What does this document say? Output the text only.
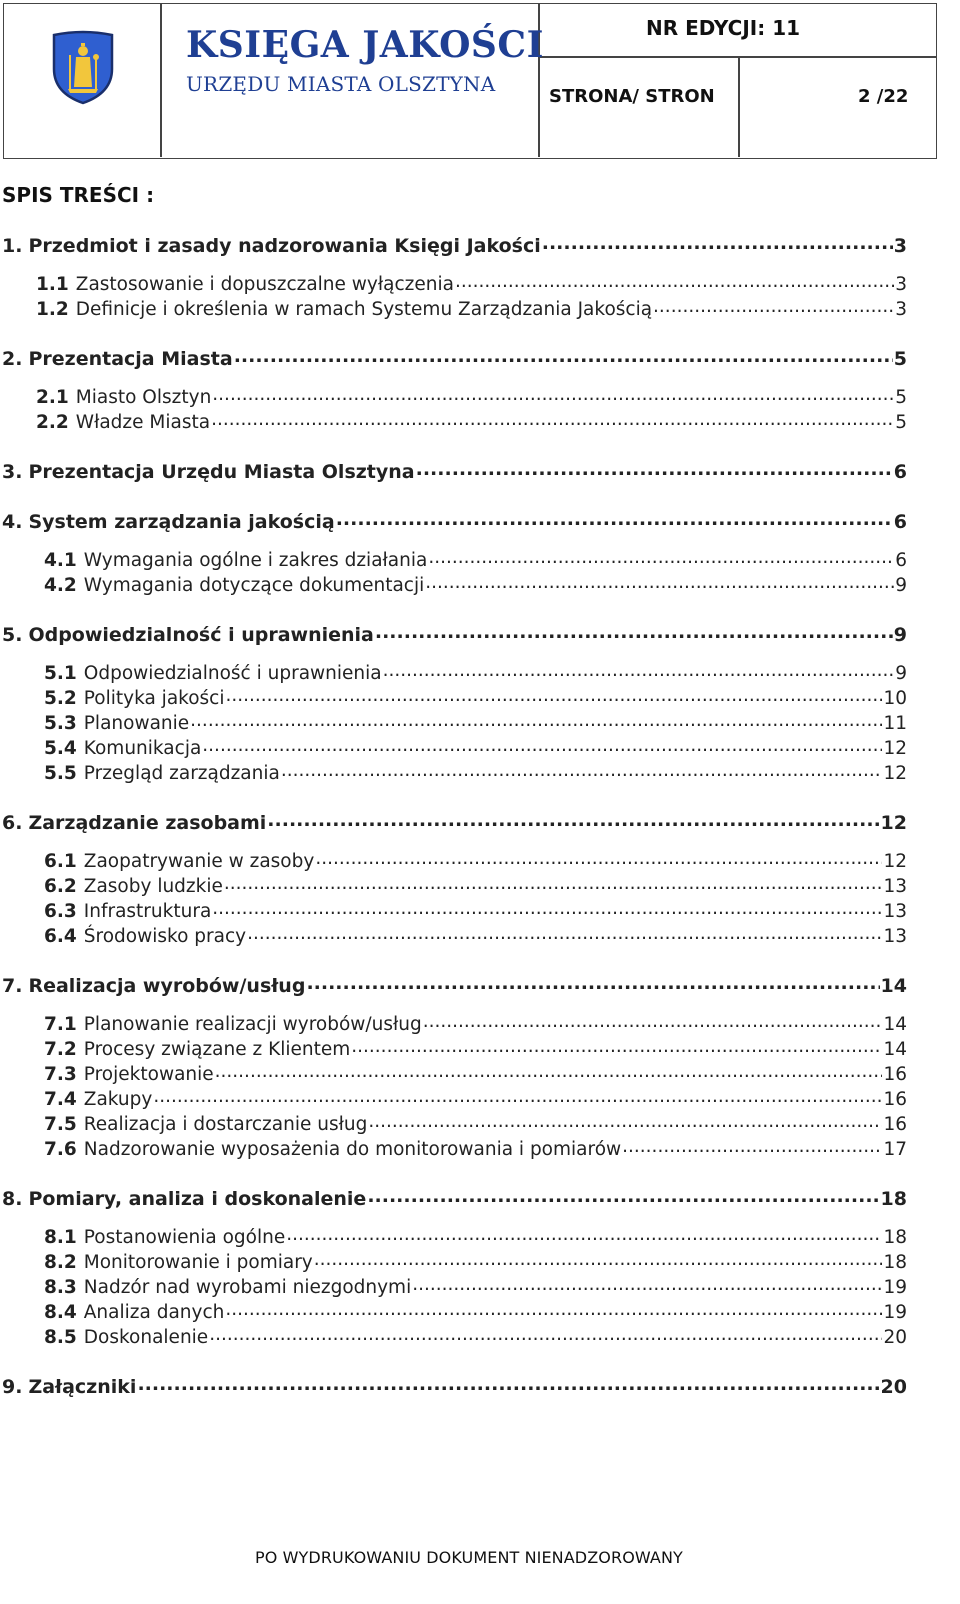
KSIĘGA JAKOŚCI
URZĘDU MIASTA OLSZTYNA
NR EDYCJI: 11
STRONA/ STRON	2 /22
SPIS TREŚCI :
1. Przedmiot i zasady nadzorowania Księgi Jakości .....	3
1.1 Zastosowanie i dopuszczalne wyłączenia .....	3
1.2 Definicje i określenia w ramach Systemu Zarządzania Jakością .....	3
2. Prezentacja Miasta .....	5
2.1 Miasto Olsztyn .....	5
2.2 Władze Miasta .....	5
3. Prezentacja Urzędu Miasta Olsztyna .....	6
4. System zarządzania jakością .....	6
4.1 Wymagania ogólne i zakres działania .....	6
4.2 Wymagania dotyczące dokumentacji .....	9
5. Odpowiedzialność i uprawnienia .....	9
5.1 Odpowiedzialność i uprawnienia .....	9
5.2 Polityka jakości .....	10
5.3 Planowanie .....	11
5.4 Komunikacja .....	12
5.5 Przegląd zarządzania .....	12
6. Zarządzanie zasobami .....	12
6.1 Zaopatrywanie w zasoby .....	12
6.2 Zasoby ludzkie .....	13
6.3 Infrastruktura .....	13
6.4 Środowisko pracy .....	13
7. Realizacja wyrobów/usług .....	14
7.1 Planowanie realizacji wyrobów/usług .....	14
7.2 Procesy związane z Klientem .....	14
7.3 Projektowanie .....	16
7.4 Zakupy .....	16
7.5 Realizacja i dostarczanie usług .....	16
7.6 Nadzorowanie wyposażenia do monitorowania i pomiarów .....	17
8. Pomiary, analiza i doskonalenie .....	18
8.1 Postanowienia ogólne .....	18
8.2 Monitorowanie i pomiary .....	18
8.3 Nadzór nad wyrobami niezgodnymi .....	19
8.4 Analiza danych .....	19
8.5 Doskonalenie .....	20
9. Załączniki .....	20
PO WYDRUKOWANIU DOKUMENT NIENADZOROWANY
